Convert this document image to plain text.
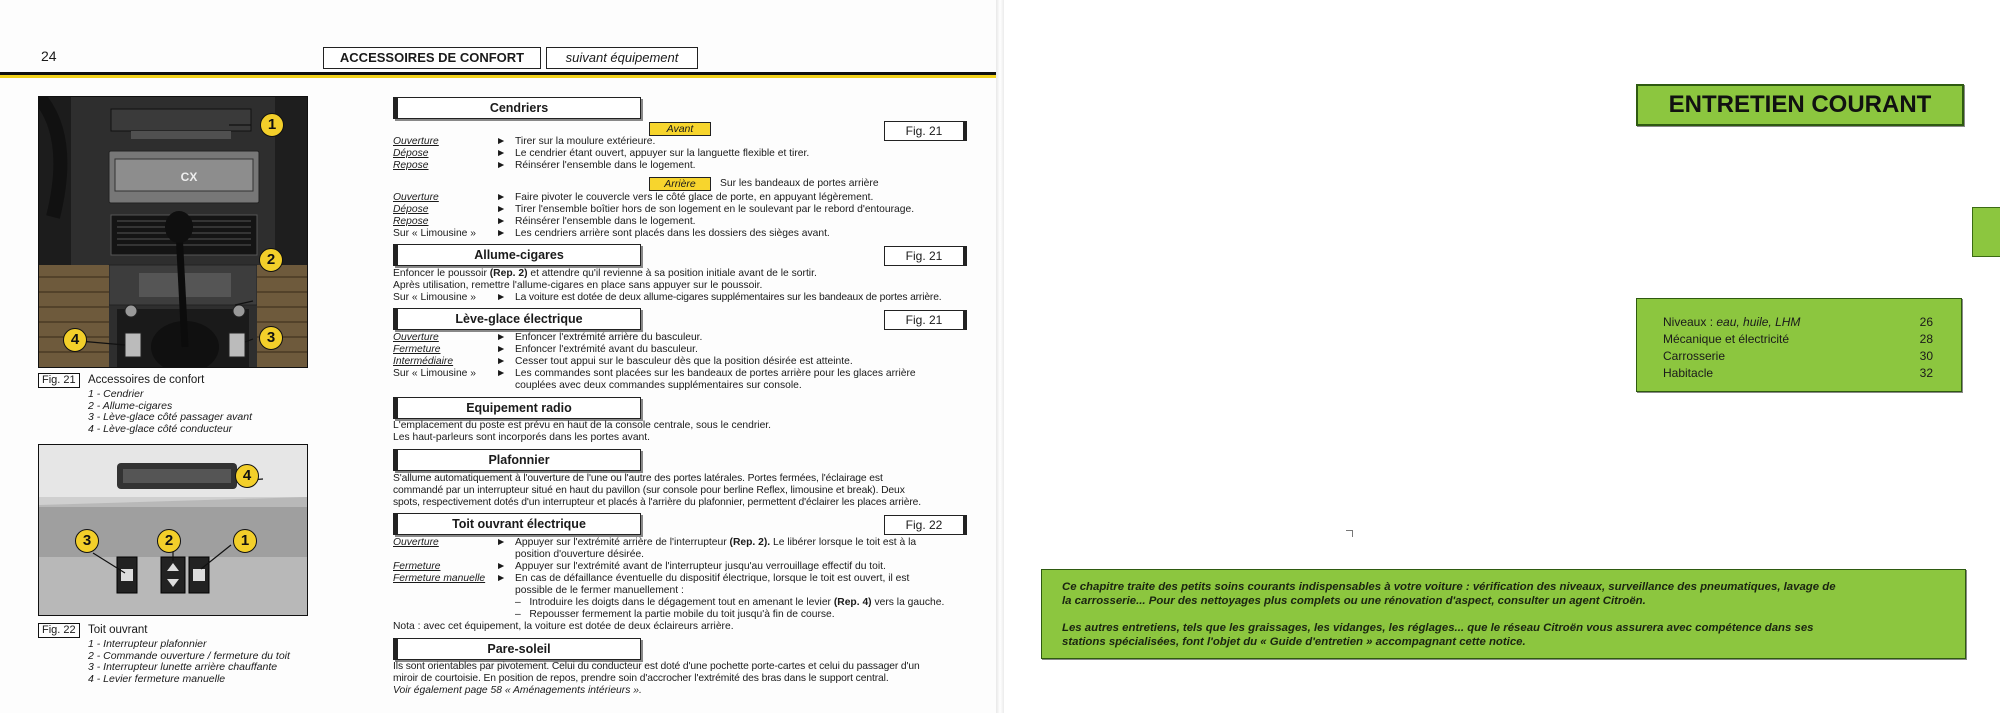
24	ACCESSOIRES DE CONFORT	suivant équipement
CX
1
2
3
4
Fig. 21	Accessoires de confort
1 - Cendrier
2 - Allume-cigares
3 - Lève-glace côté passager avant
4 - Lève-glace côté conducteur
4
3	2	1
Fig. 22	Toit ouvrant
1 - Interrupteur plafonnier
2 - Commande ouverture / fermeture du toit
3 - Interrupteur lunette arrière chauffante
4 - Levier fermeture manuelle
Cendriers
Fig. 21
Avant
Ouverture	► Tirer sur la moulure extérieure.
Dépose	► Le cendrier étant ouvert, appuyer sur la languette flexible et tirer.
Repose	► Réinsérer l'ensemble dans le logement.
Arrière	Sur les bandeaux de portes arrière
Ouverture	► Faire pivoter le couvercle vers le côté glace de porte, en appuyant légèrement.
Dépose	► Tirer l'ensemble boîtier hors de son logement en le soulevant par le rebord d'entourage.
Repose	► Réinsérer l'ensemble dans le logement.
Sur « Limousine » ► Les cendriers arrière sont placés dans les dossiers des sièges avant.
Allume-cigares	Fig. 21
Enfoncer le poussoir (Rep. 2) et attendre qu'il revienne à sa position initiale avant de le sortir.
Après utilisation, remettre l'allume-cigares en place sans appuyer sur le poussoir.
Sur « Limousine » ► La voiture est dotée de deux allume-cigares supplémentaires sur les bandeaux de portes arrière.
Lève-glace électrique	Fig. 21
Ouverture	► Enfoncer l'extrémité arrière du basculeur.
Fermeture	► Enfoncer l'extrémité avant du basculeur.
Intermédiaire	► Cesser tout appui sur le basculeur dès que la position désirée est atteinte.
Sur « Limousine » ► Les commandes sont placées sur les bandeaux de portes arrière pour les glaces arrière
couplées avec deux commandes supplémentaires sur console.
Equipement radio
L'emplacement du poste est prévu en haut de la console centrale, sous le cendrier.
Les haut-parleurs sont incorporés dans les portes avant.
Plafonnier
S'allume automatiquement à l'ouverture de l'une ou l'autre des portes latérales. Portes fermées, l'éclairage est
commandé par un interrupteur situé en haut du pavillon (sur console pour berline Reflex, limousine et break). Deux
spots, respectivement dotés d'un interrupteur et placés à l'arrière du plafonnier, permettent d'éclairer les places arrière.
Toit ouvrant électrique	Fig. 22
Ouverture	► Appuyer sur l'extrémité arrière de l'interrupteur (Rep. 2). Le libérer lorsque le toit est à la
position d'ouverture désirée.
Fermeture	► Appuyer sur l'extrémité avant de l'interrupteur jusqu'au verrouillage effectif du toit.
Fermeture manuelle ► En cas de défaillance éventuelle du dispositif électrique, lorsque le toit est ouvert, il est
possible de le fermer manuellement :
–   Introduire les doigts dans le dégagement tout en amenant le levier (Rep. 4) vers la gauche.
–   Repousser fermement la partie mobile du toit jusqu'à fin de course.
Nota : avec cet équipement, la voiture est dotée de deux éclaireurs arrière.
Pare-soleil
Ils sont orientables par pivotement. Celui du conducteur est doté d'une pochette porte-cartes et celui du passager d'un
miroir de courtoisie. En position de repos, prendre soin d'accrocher l'extrémité des bras dans le support central.
Voir également page 58 « Aménagements intérieurs ».
ENTRETIEN COURANT
Niveaux : eau, huile, LHM	26
Mécanique et électricité	28
Carrosserie	30
Habitacle	32
Ce chapitre traite des petits soins courants indispensables à votre voiture : vérification des niveaux, surveillance des pneumatiques, lavage de
la carrosserie... Pour des nettoyages plus complets ou une rénovation d'aspect, consulter un agent Citroën.
Les autres entretiens, tels que les graissages, les vidanges, les réglages... que le réseau Citroën vous assurera avec compétence dans ses
stations spécialisées, font l'objet du « Guide d'entretien » accompagnant cette notice.
